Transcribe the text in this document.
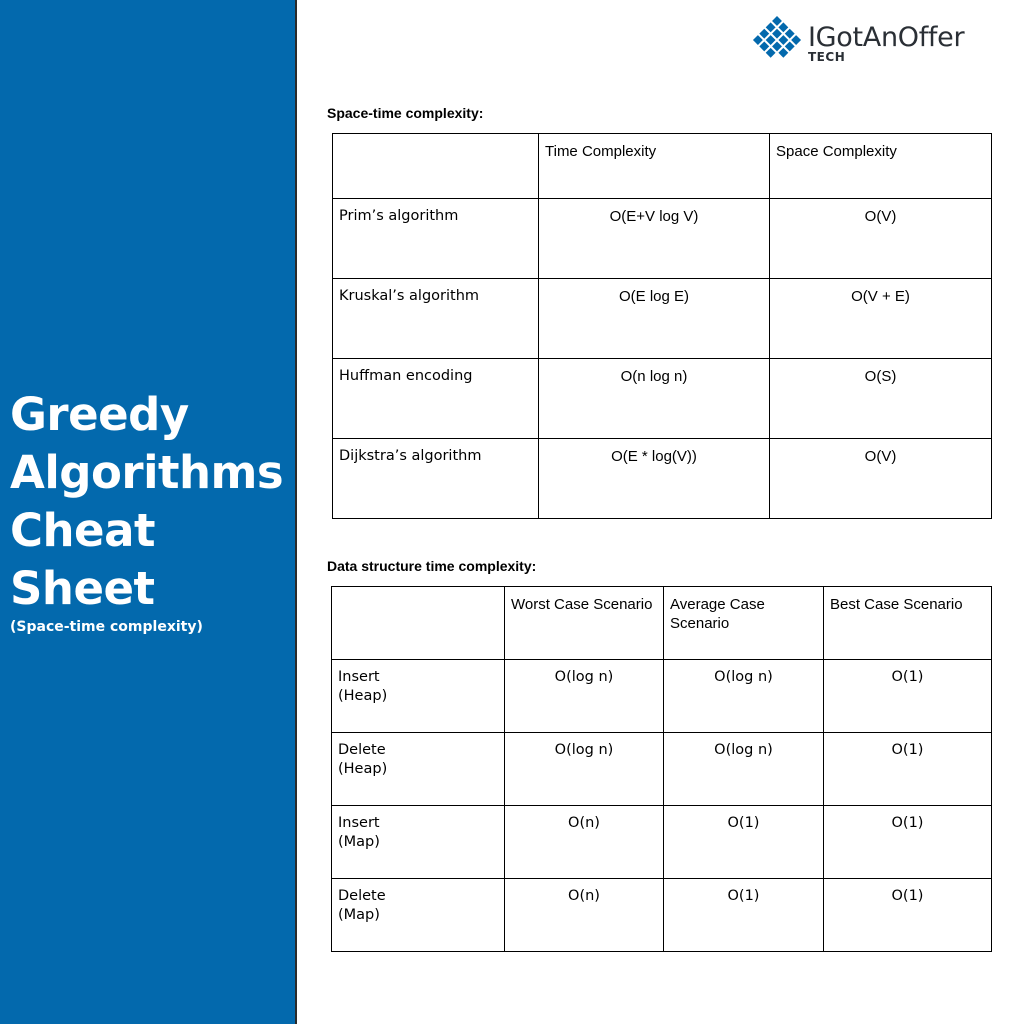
Greedy
Algorithms
Cheat
Sheet

(Space-time complexity)

IGotAnOffer
TECH
Space-time complexity:
	Time Complexity	Space Complexity
Prim’s algorithm	O(E+V log V)	O(V)
Kruskal’s algorithm	O(E log E)	O(V + E)
Huffman encoding	O(n log n)	O(S)
Dijkstra’s algorithm	O(E * log(V))	O(V)
Data structure time complexity:
	Worst Case Scenario	Average Case Scenario	Best Case Scenario

Insert
(Heap)	O(log n)	O(log n)	O(1)

Delete
(Heap)	O(log n)	O(log n)	O(1)

Insert
(Map)	O(n)	O(1)	O(1)

Delete
(Map)	O(n)	O(1)	O(1)
